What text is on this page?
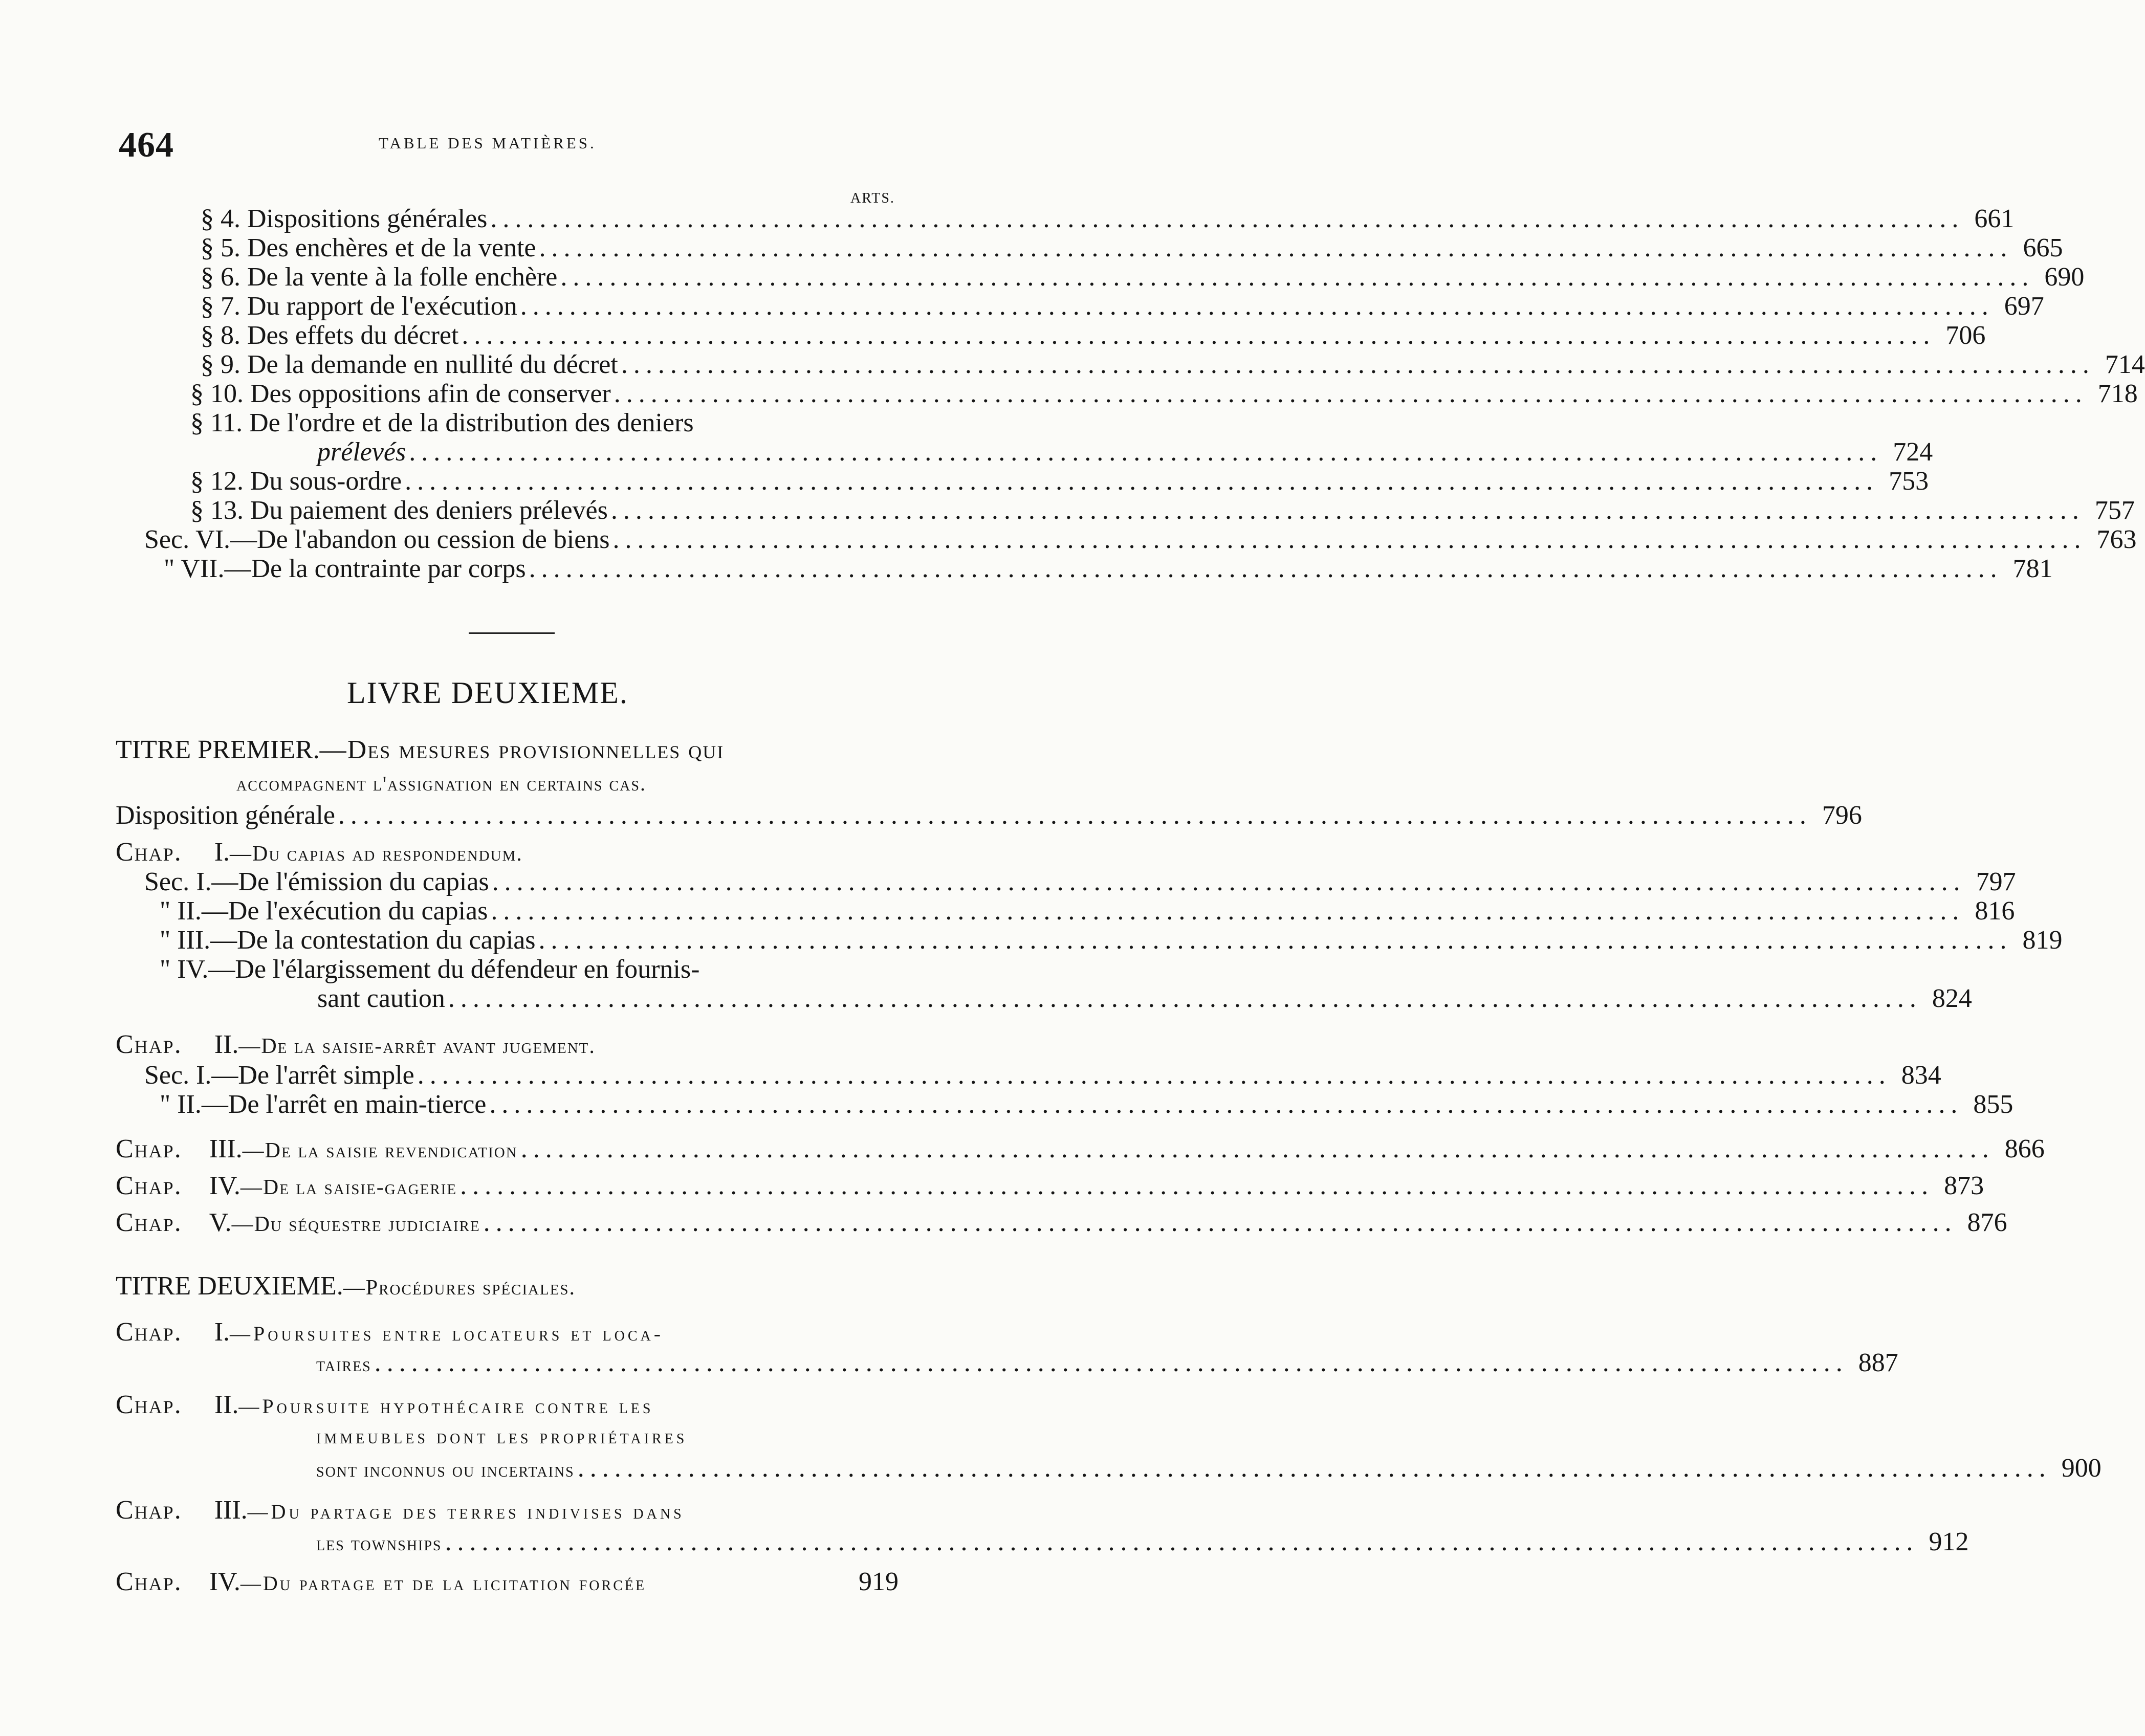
464	TABLE DES MATIÈRES.
ARTS.
§ 4. Dispositions générales ........................................................................................................................ 661
§ 5. Des enchères et de la vente ........................................................................................................................ 665
§ 6. De la vente à la folle enchère ........................................................................................................................ 690
§ 7. Du rapport de l'exécution ........................................................................................................................ 697
§ 8. Des effets du décret ........................................................................................................................ 706
§ 9. De la demande en nullité du décret ........................................................................................................................ 714
§ 10. Des oppositions afin de conserver ........................................................................................................................ 718
§ 11. De l'ordre et de la distribution des deniers
prélevés ........................................................................................................................ 724
§ 12. Du sous-ordre ........................................................................................................................ 753
§ 13. Du paiement des deniers prélevés ........................................................................................................................ 757
Sec. VI.—De l'abandon ou cession de biens ........................................................................................................................ 763
" VII.—De la contrainte par corps ........................................................................................................................ 781
LIVRE DEUXIEME.
TITRE PREMIER.—Des mesures provisionnelles qui
accompagnent l'assignation en certains cas.
Disposition générale ........................................................................................................................ 796
Chap. I.—Du capias ad respondendum.
Sec. I.—De l'émission du capias ........................................................................................................................ 797
" II.—De l'exécution du capias ........................................................................................................................ 816
" III.—De la contestation du capias ........................................................................................................................ 819
" IV.—De l'élargissement du défendeur en fournis-
sant caution ........................................................................................................................ 824
Chap. II.—De la saisie-arrêt avant jugement.
Sec. I.—De l'arrêt simple ........................................................................................................................ 834
" II.—De l'arrêt en main-tierce ........................................................................................................................ 855
Chap. III.—De la saisie revendication ........................................................................................................................ 866
Chap. IV.—De la saisie-gagerie ........................................................................................................................ 873
Chap. V.—Du séquestre judiciaire ........................................................................................................................ 876
TITRE DEUXIEME.—Procédures spéciales.
Chap. I.—Poursuites entre locateurs et loca-
taires ........................................................................................................................ 887
Chap. II.—Poursuite hypothécaire contre les
immeubles dont les propriétaires
sont inconnus ou incertains ........................................................................................................................ 900
Chap. III.—Du partage des terres indivises dans
les townships ........................................................................................................................ 912
Chap. IV.—Du partage et de la licitation forcée	919
